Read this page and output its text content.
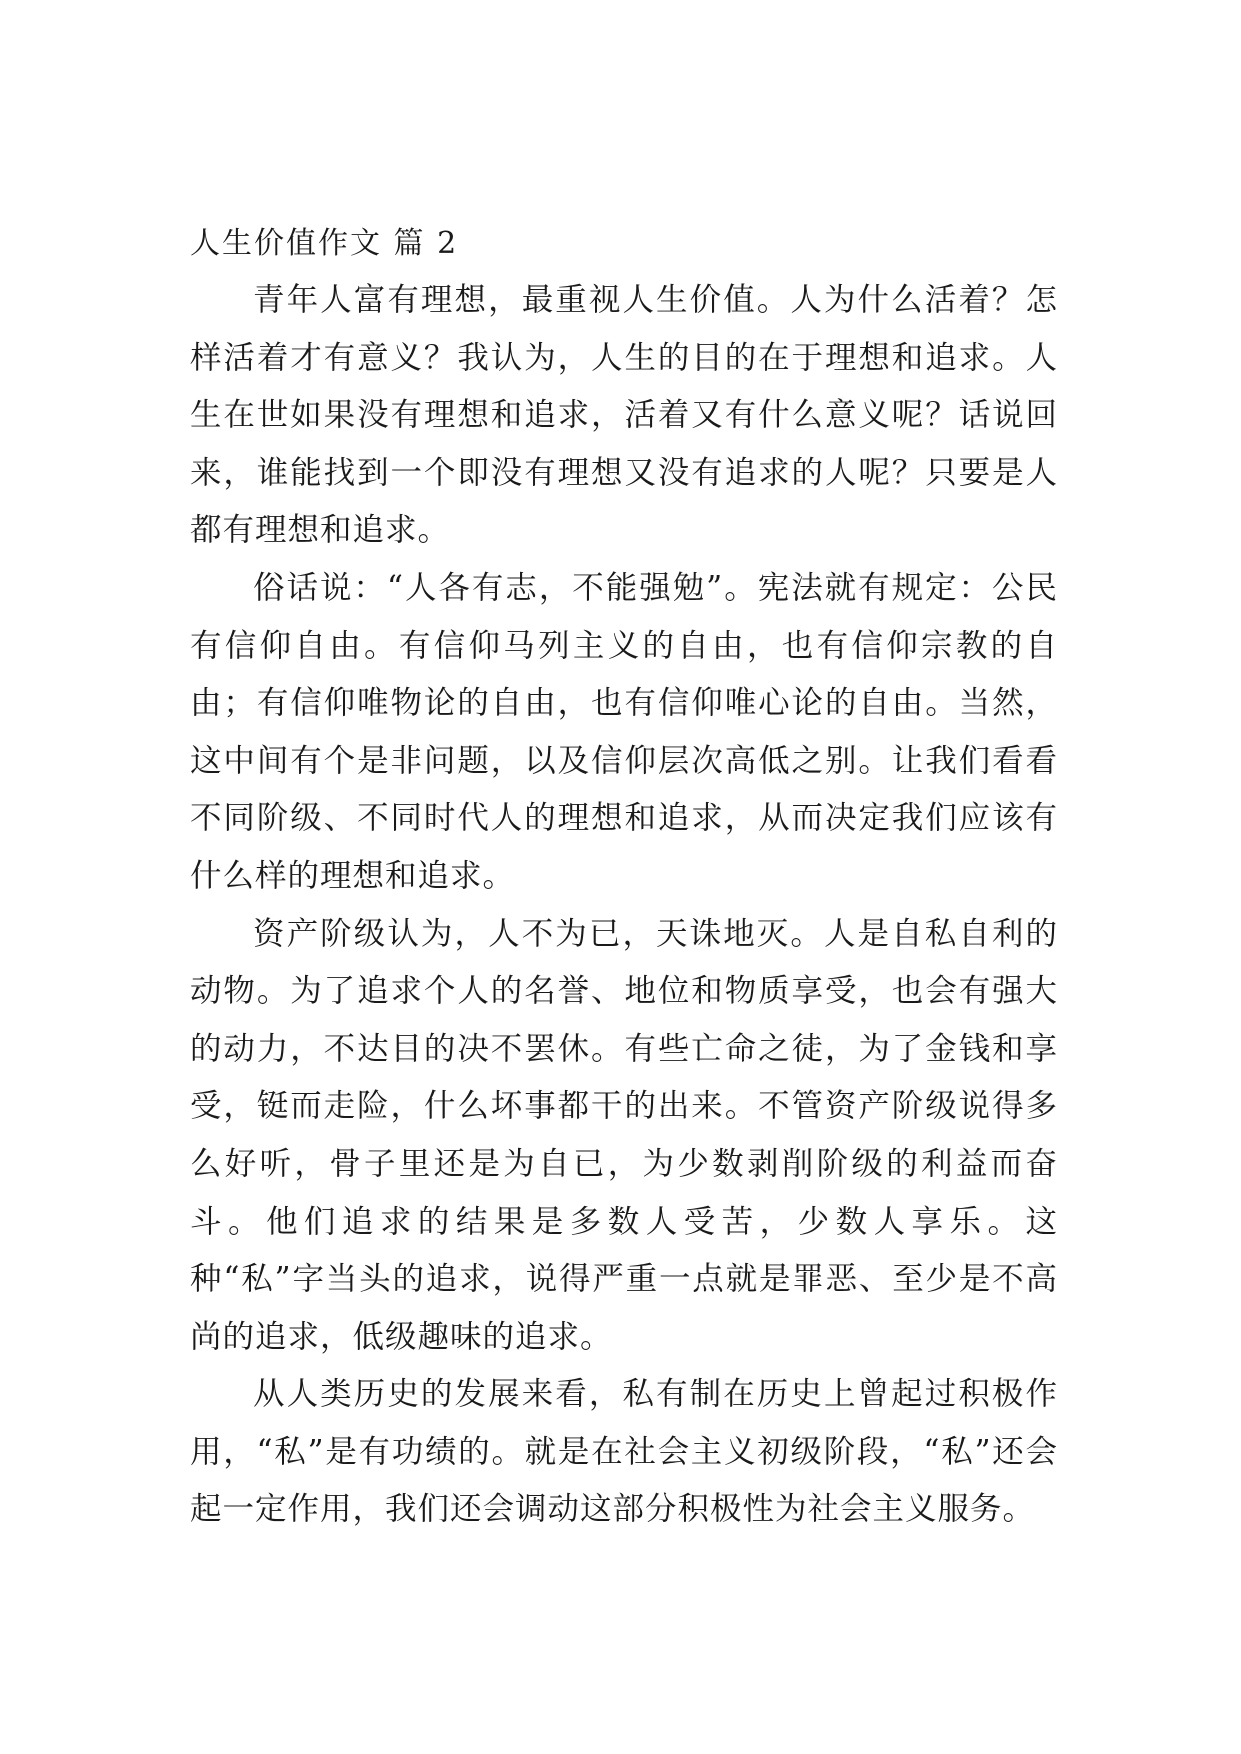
人生价值作文 篇 2

青年人富有理想，最重视人生价值。人为什么活着？怎样活着才有意义？我认为，人生的目的在于理想和追求。人生在世如果没有理想和追求，活着又有什么意义呢？话说回来，谁能找到一个即没有理想又没有追求的人呢？只要是人都有理想和追求。

俗话说：“人各有志，不能强勉”。宪法就有规定：公民有信仰自由。有信仰马列主义的自由，也有信仰宗教的自由；有信仰唯物论的自由，也有信仰唯心论的自由。当然，这中间有个是非问题，以及信仰层次高低之别。让我们看看不同阶级、不同时代人的理想和追求，从而决定我们应该有什么样的理想和追求。

资产阶级认为，人不为已，天诛地灭。人是自私自利的动物。为了追求个人的名誉、地位和物质享受，也会有强大的动力，不达目的决不罢休。有些亡命之徒，为了金钱和享受，铤而走险，什么坏事都干的出来。不管资产阶级说得多么好听，骨子里还是为自已，为少数剥削阶级的利益而奋斗。他们追求的结果是多数人受苦，少数人享乐。这种“私”字当头的追求，说得严重一点就是罪恶、至少是不高尚的追求，低级趣味的追求。

从人类历史的发展来看，私有制在历史上曾起过积极作用，“私”是有功绩的。就是在社会主义初级阶段，“私”还会起一定作用，我们还会调动这部分积极性为社会主义服务。
